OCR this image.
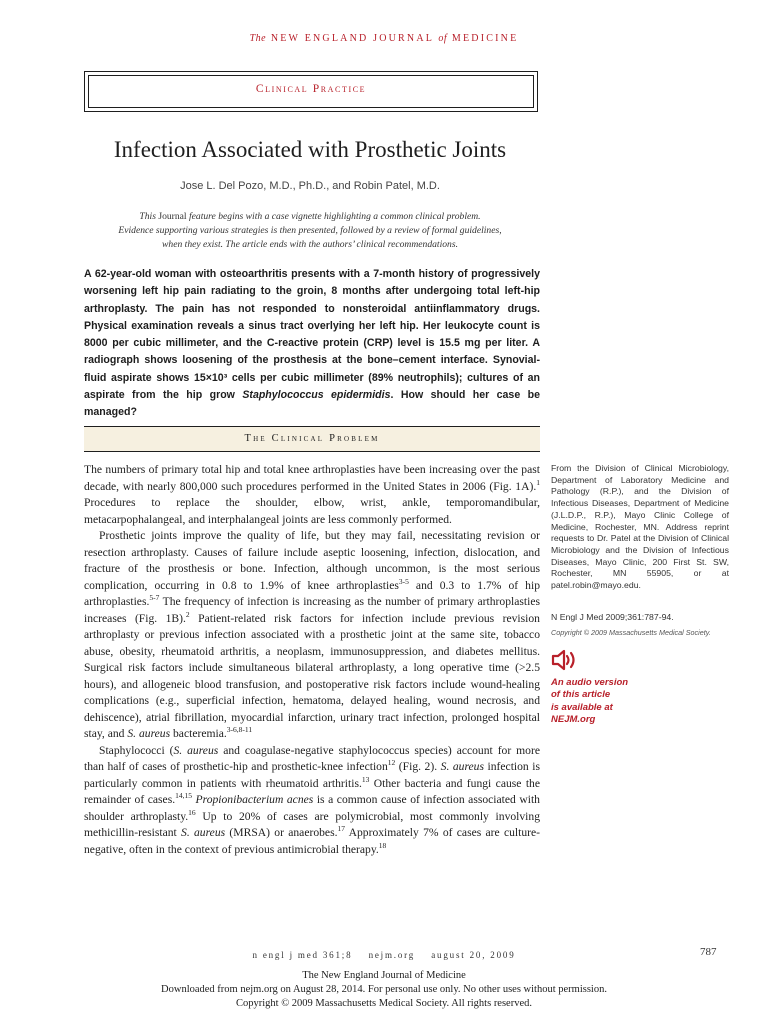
The NEW ENGLAND JOURNAL of MEDICINE
Clinical Practice
Infection Associated with Prosthetic Joints
Jose L. Del Pozo, M.D., Ph.D., and Robin Patel, M.D.
This Journal feature begins with a case vignette highlighting a common clinical problem.
Evidence supporting various strategies is then presented, followed by a review of formal guidelines,
when they exist. The article ends with the authors’ clinical recommendations.
A 62-year-old woman with osteoarthritis presents with a 7-month history of progressively worsening left hip pain radiating to the groin, 8 months after undergoing total left-hip arthroplasty. The pain has not responded to nonsteroidal antiinflammatory drugs. Physical examination reveals a sinus tract overlying her left hip. Her leukocyte count is 8000 per cubic millimeter, and the C-reactive protein (CRP) level is 15.5 mg per liter. A radiograph shows loosening of the prosthesis at the bone–cement interface. Synovial-fluid aspirate shows 15×10³ cells per cubic millimeter (89% neutrophils); cultures of an aspirate from the hip grow Staphylococcus epidermidis. How should her case be managed?
The Clinical Problem

The numbers of primary total hip and total knee arthroplasties have been increasing over the past decade, with nearly 800,000 such procedures performed in the United States in 2006 (Fig. 1A).$^1$ Procedures to replace the shoulder, elbow, wrist, ankle, temporomandibular, metacarpophalangeal, and interphalangeal joints are less commonly performed.

Prosthetic joints improve the quality of life, but they may fail, necessitating revision or resection arthroplasty. Causes of failure include aseptic loosening, infection, dislocation, and fracture of the prosthesis or bone. Infection, although uncommon, is the most serious complication, occurring in 0.8 to 1.9% of knee arthroplasties$^{3-5}$ and 0.3 to 1.7% of hip arthroplasties.$^{5-7}$ The frequency of infection is increasing as the number of primary arthroplasties increases (Fig. 1B).$^2$ Patient-related risk factors for infection include previous revision arthroplasty or previous infection associated with a prosthetic joint at the same site, tobacco abuse, obesity, rheumatoid arthritis, a neoplasm, immunosuppression, and diabetes mellitus. Surgical risk factors include simultaneous bilateral arthroplasty, a long operative time (>2.5 hours), and allogeneic blood transfusion, and postoperative risk factors include wound-healing complications (e.g., superficial infection, hematoma, delayed healing, wound necrosis, and dehiscence), atrial fibrillation, myocardial infarction, urinary tract infection, prolonged hospital stay, and S. aureus bacteremia.$^{3-6,8-11}$

Staphylococci (S. aureus and coagulase-negative staphylococcus species) account for more than half of cases of prosthetic-hip and prosthetic-knee infection$^{12}$ (Fig. 2). S. aureus infection is particularly common in patients with rheumatoid arthritis.$^{13}$ Other bacteria and fungi cause the remainder of cases.$^{14,15}$ Propionibacterium acnes is a common cause of infection associated with shoulder arthroplasty.$^{16}$ Up to 20% of cases are polymicrobial, most commonly involving methicillin-resistant S. aureus (MRSA) or anaerobes.$^{17}$ Approximately 7% of cases are culture-negative, often in the context of previous antimicrobial therapy.$^{18}$

From the Division of Clinical Microbiology, Department of Laboratory Medicine and Pathology (R.P.), and the Division of Infectious Diseases, Department of Medicine (J.L.D.P., R.P.), Mayo Clinic College of Medicine, Rochester, MN. Address reprint requests to Dr. Patel at the Division of Clinical Microbiology and the Division of Infectious Diseases, Mayo Clinic, 200 First St. SW, Rochester, MN 55905, or at patel.robin@mayo.edu.
N Engl J Med 2009;361:787-94.
Copyright © 2009 Massachusetts Medical Society.
An audio version
of this article
is available at
NEJM.org
n engl j med 361;8    nejm.org    august 20, 2009	787
The New England Journal of Medicine
Downloaded from nejm.org on August 28, 2014. For personal use only. No other uses without permission.
Copyright © 2009 Massachusetts Medical Society. All rights reserved.
